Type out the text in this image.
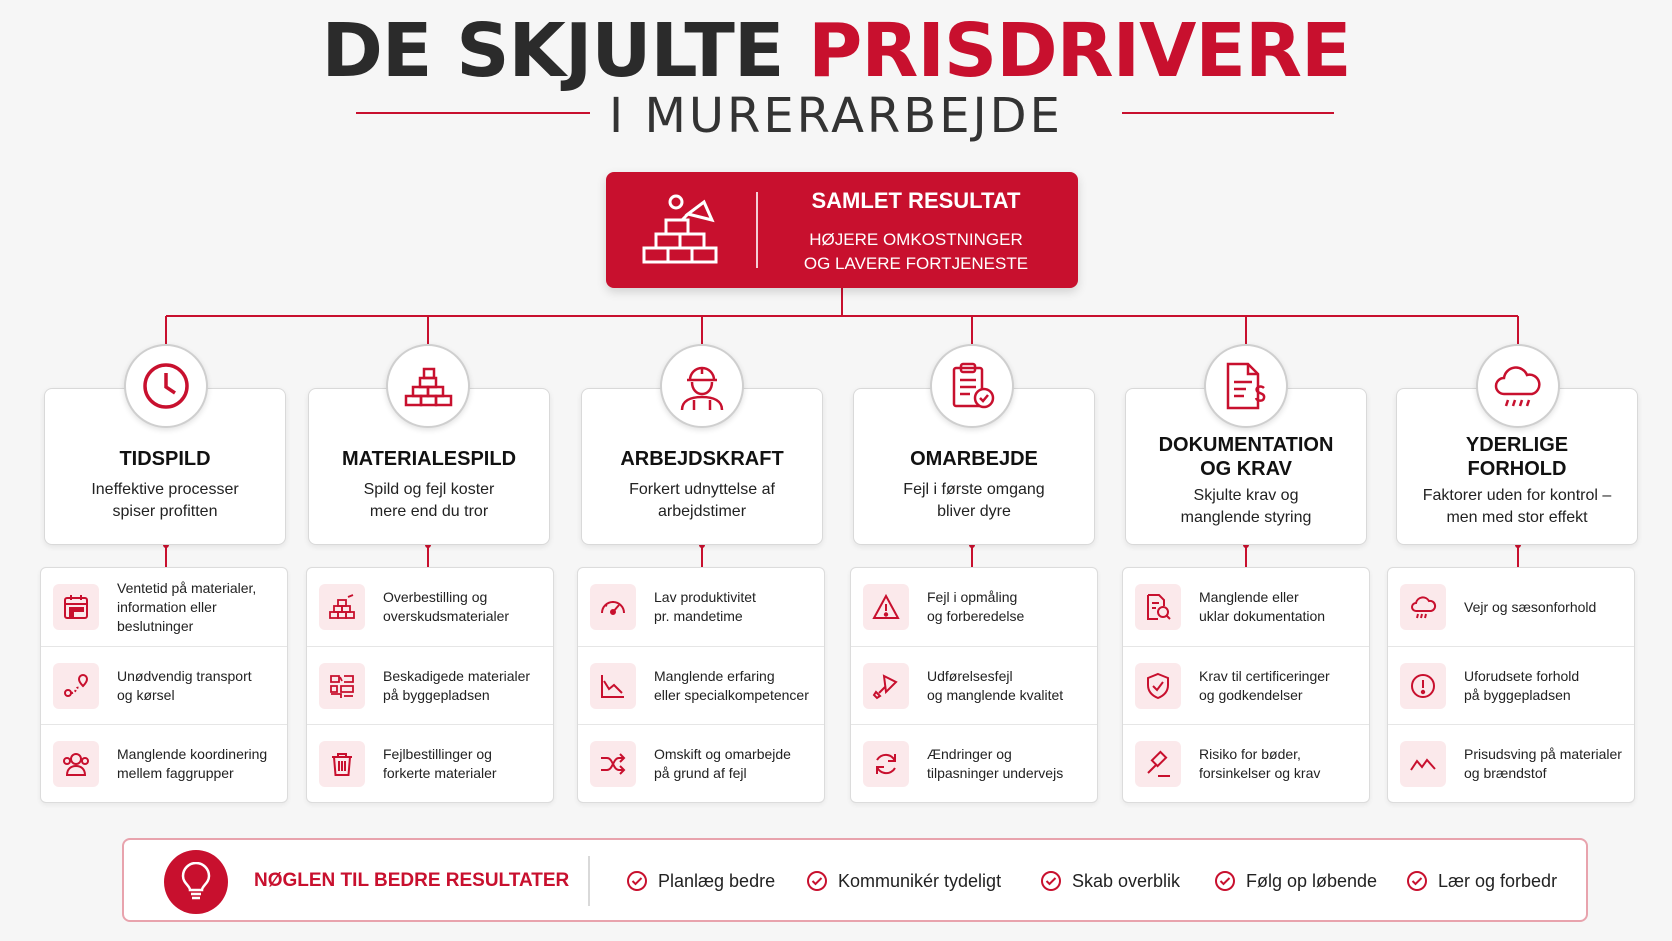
DE SKJULTE PRISDRIVERE
I MURERARBEJDE
SAMLET RESULTAT
HØJERE OMKOSTNINGER
OG LAVERE FORTJENESTE
TIDSPILD
Ineffektive processer
spiser profitten
Ventetid på materialer,
information eller
beslutninger
Unødvendig transport
og kørsel
Manglende koordinering
mellem faggrupper
MATERIALESPILD
Spild og fejl koster
mere end du tror
Overbestilling og
overskudsmaterialer
Beskadigede materialer
på byggepladsen
Fejlbestillinger og
forkerte materialer
ARBEJDSKRAFT
Forkert udnyttelse af
arbejdstimer
Lav produktivitet
pr. mandetime
Manglende erfaring
eller specialkompetencer
Omskift og omarbejde
på grund af fejl
OMARBEJDE
Fejl i første omgang
bliver dyre
Fejl i opmåling
og forberedelse
Udførelsesfejl
og manglende kvalitet
Ændringer og
tilpasninger undervejs
DOKUMENTATION
OG KRAV
Skjulte krav og
manglende styring
Manglende eller
uklar dokumentation
Krav til certificeringer
og godkendelser
Risiko for bøder,
forsinkelser og krav
YDERLIGE
FORHOLD
Faktorer uden for kontrol –
men med stor effekt
Vejr og sæsonforhold
Uforudsete forhold
på byggepladsen
Prisudsving på materialer
og brændstof
NØGLEN TIL BEDRE RESULTATER	Planlæg bedre	Kommunikér tydeligt	Skab overblik	Følg op løbende	Lær og forbedr
